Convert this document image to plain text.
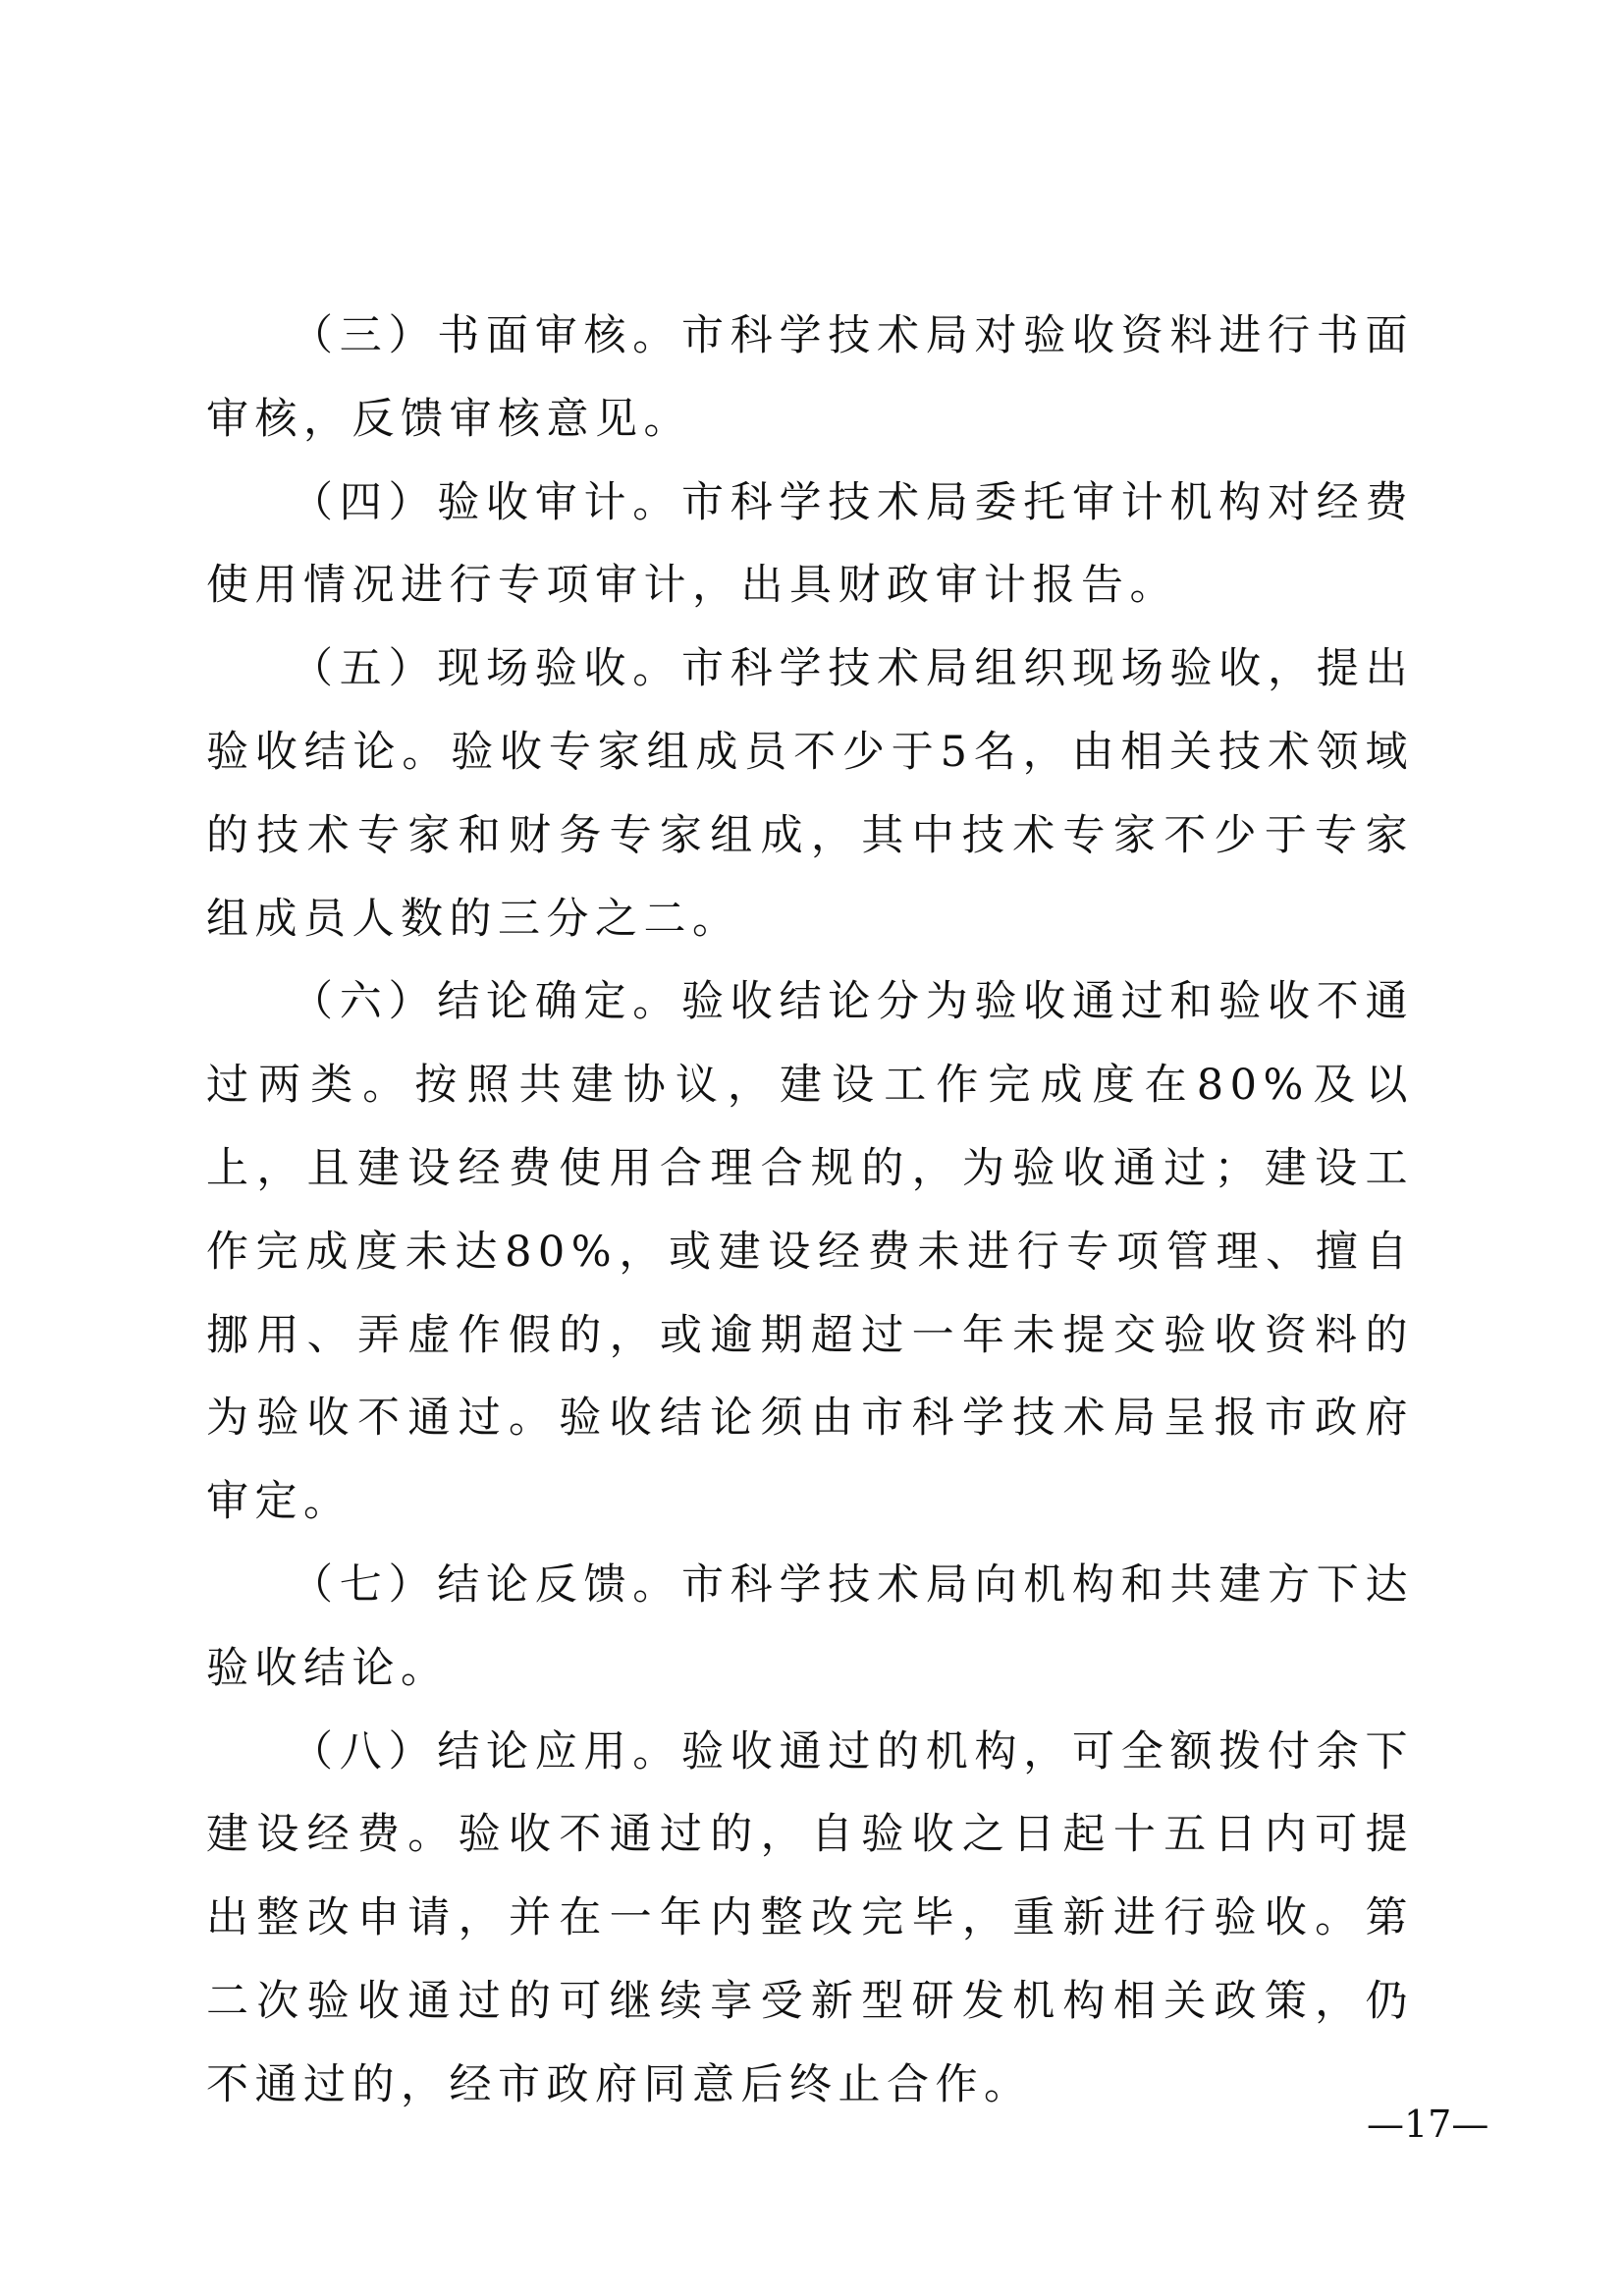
（三）书面审核。市科学技术局对验收资料进行书面审核，反馈审核意见。

（四）验收审计。市科学技术局委托审计机构对经费使用情况进行专项审计，出具财政审计报告。

（五）现场验收。市科学技术局组织现场验收，提出验收结论。验收专家组成员不少于5名，由相关技术领域的技术专家和财务专家组成，其中技术专家不少于专家组成员人数的三分之二。

（六）结论确定。验收结论分为验收通过和验收不通过两类。按照共建协议，建设工作完成度在80%及以上，且建设经费使用合理合规的，为验收通过；建设工作完成度未达80%，或建设经费未进行专项管理、擅自挪用、弄虚作假的，或逾期超过一年未提交验收资料的为验收不通过。验收结论须由市科学技术局呈报市政府审定。

（七）结论反馈。市科学技术局向机构和共建方下达验收结论。

（八）结论应用。验收通过的机构，可全额拨付余下建设经费。验收不通过的，自验收之日起十五日内可提出整改申请，并在一年内整改完毕，重新进行验收。第二次验收通过的可继续享受新型研发机构相关政策，仍不通过的，经市政府同意后终止合作。

—17—
